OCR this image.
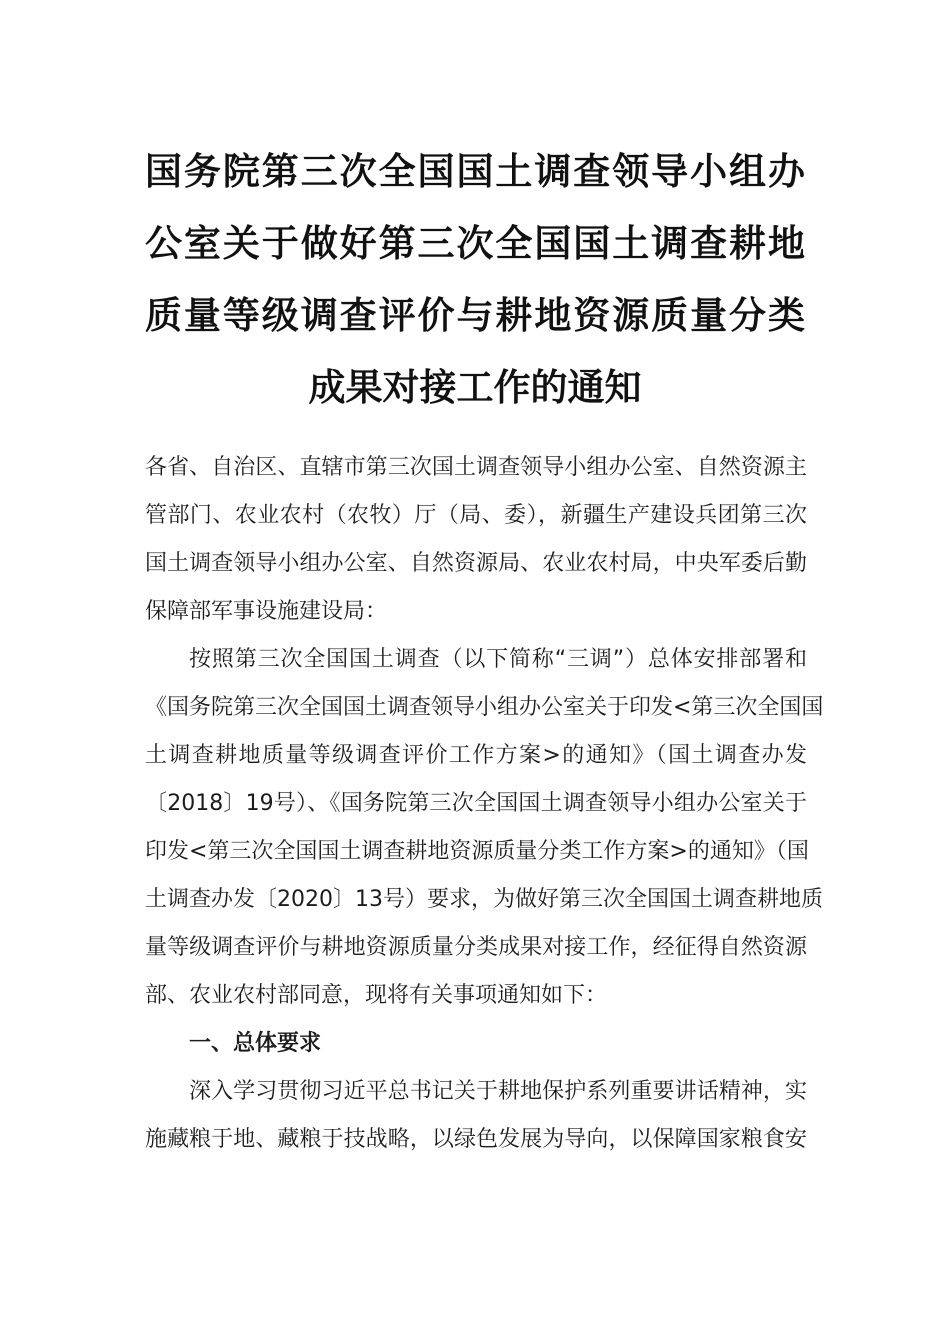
国务院第三次全国国土调查领导小组办
公室关于做好第三次全国国土调查耕地
质量等级调查评价与耕地资源质量分类
成果对接工作的通知
各省、自治区、直辖市第三次国土调查领导小组办公室、自然资源主
管部门、农业农村（农牧）厅（局、委），新疆生产建设兵团第三次
国土调查领导小组办公室、自然资源局、农业农村局，中央军委后勤
保障部军事设施建设局：
按照第三次全国国土调查（以下简称“三调”）总体安排部署和
《国务院第三次全国国土调查领导小组办公室关于印发<第三次全国国
土调查耕地质量等级调查评价工作方案>的通知》（国土调查办发
〔2018〕19号）、《国务院第三次全国国土调查领导小组办公室关于
印发<第三次全国国土调查耕地资源质量分类工作方案>的通知》（国
土调查办发〔2020〕13号）要求，为做好第三次全国国土调查耕地质
量等级调查评价与耕地资源质量分类成果对接工作，经征得自然资源
部、农业农村部同意，现将有关事项通知如下：
一、总体要求
深入学习贯彻习近平总书记关于耕地保护系列重要讲话精神，实
施藏粮于地、藏粮于技战略，以绿色发展为导向，以保障国家粮食安
